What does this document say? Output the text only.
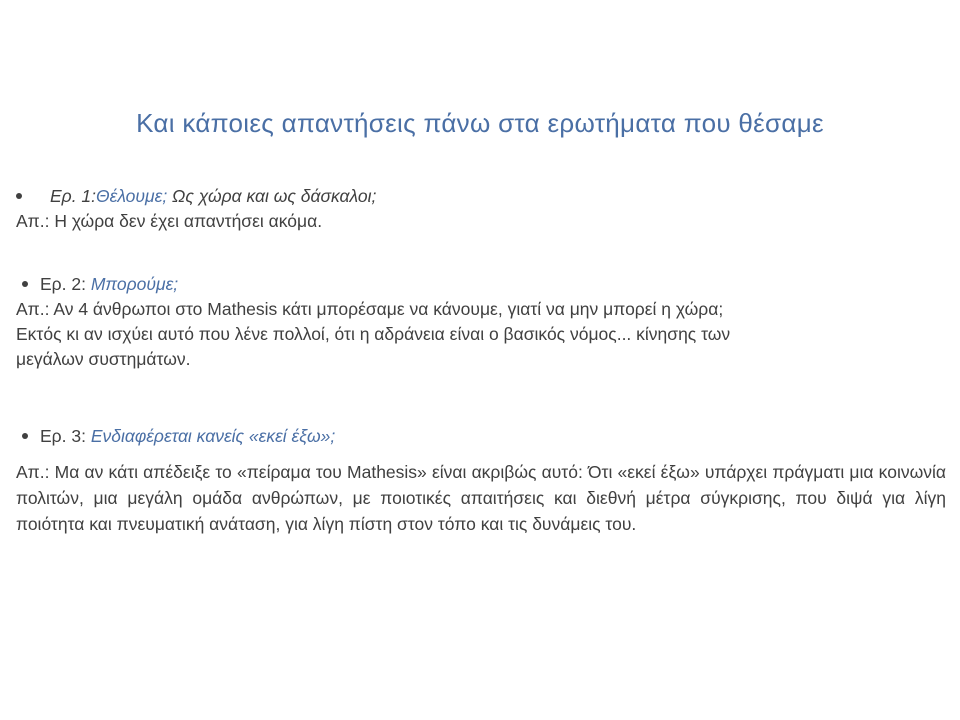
Και κάποιες απαντήσεις πάνω στα ερωτήματα που θέσαμε
Ερ. 1: Θέλουμε; Ως χώρα και ως δάσκαλοι;
Απ.: Η χώρα δεν έχει απαντήσει ακόμα.
Ερ. 2: Μπορούμε;
Απ.: Αν 4 άνθρωποι στο Mathesis κάτι μπορέσαμε να κάνουμε, γιατί να μην μπορεί η χώρα;
Εκτός κι αν ισχύει αυτό που λένε πολλοί, ότι η αδράνεια είναι ο βασικός νόμος... κίνησης των
μεγάλων συστημάτων.
Ερ. 3: Ενδιαφέρεται κανείς «εκεί έξω»;
Απ.: Μα αν κάτι απέδειξε το «πείραμα του Mathesis» είναι ακριβώς αυτό: Ότι «εκεί έξω» υπάρχει πράγματι μια κοινωνία πολιτών, μια μεγάλη ομάδα ανθρώπων, με ποιοτικές απαιτήσεις και διεθνή μέτρα σύγκρισης, που διψά για λίγη ποιότητα και πνευματική ανάταση, για λίγη πίστη στον τόπο και τις δυνάμεις του.
